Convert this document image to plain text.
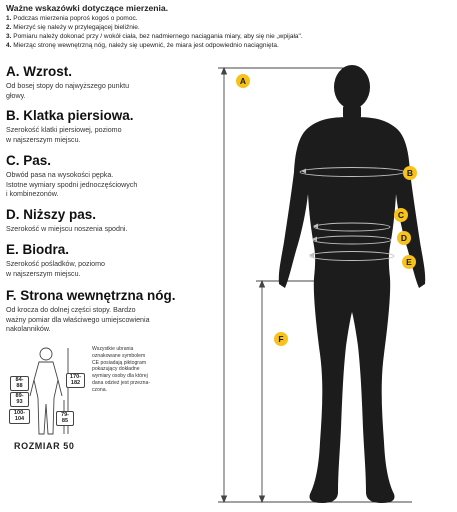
Ważne wskazówki dotyczące mierzenia.
1. Podczas mierzenia poproś kogoś o pomoc.
2. Mierzyć się należy w przylegającej bieliźnie.
3. Pomiaru należy dokonać przy / wokół ciała, bez nadmiernego naciągania miary, aby się nie „wpijała".
4. Mierząc stronę wewnętrzną nóg, należy się upewnić, że miara jest odpowiednio naciągnięta.
A. Wzrost.
Od bosej stopy do najwyższego punktu
głowy.
B. Klatka piersiowa.
Szerokość klatki piersiowej, poziomo
w najszerszym miejscu.
C. Pas.
Obwód pasa na wysokości pępka.
Istotne wymiary spodni jednoczęściowych
i kombinezonów.
D. Niższy pas.
Szerokość w miejscu noszenia spodni.
E. Biodra.
Szerokość pośladków, poziomo
w najszerszym miejscu.
F. Strona wewnętrzna nóg.
Od krocza do dolnej części stopy. Bardzo
ważny pomiar dla właściwego umiejscowienia
nakolanników.
84-
88
89-
93
100-
104
170-
182
79-
85
Wszystkie ubrania
oznakowane symbolem
CE posiadają piktogram
pokazujący dokładne
wymiary osoby dla której
dana odzież jest przezna-
czona.
ROZMIAR 50
A
B
C
D
E
F
